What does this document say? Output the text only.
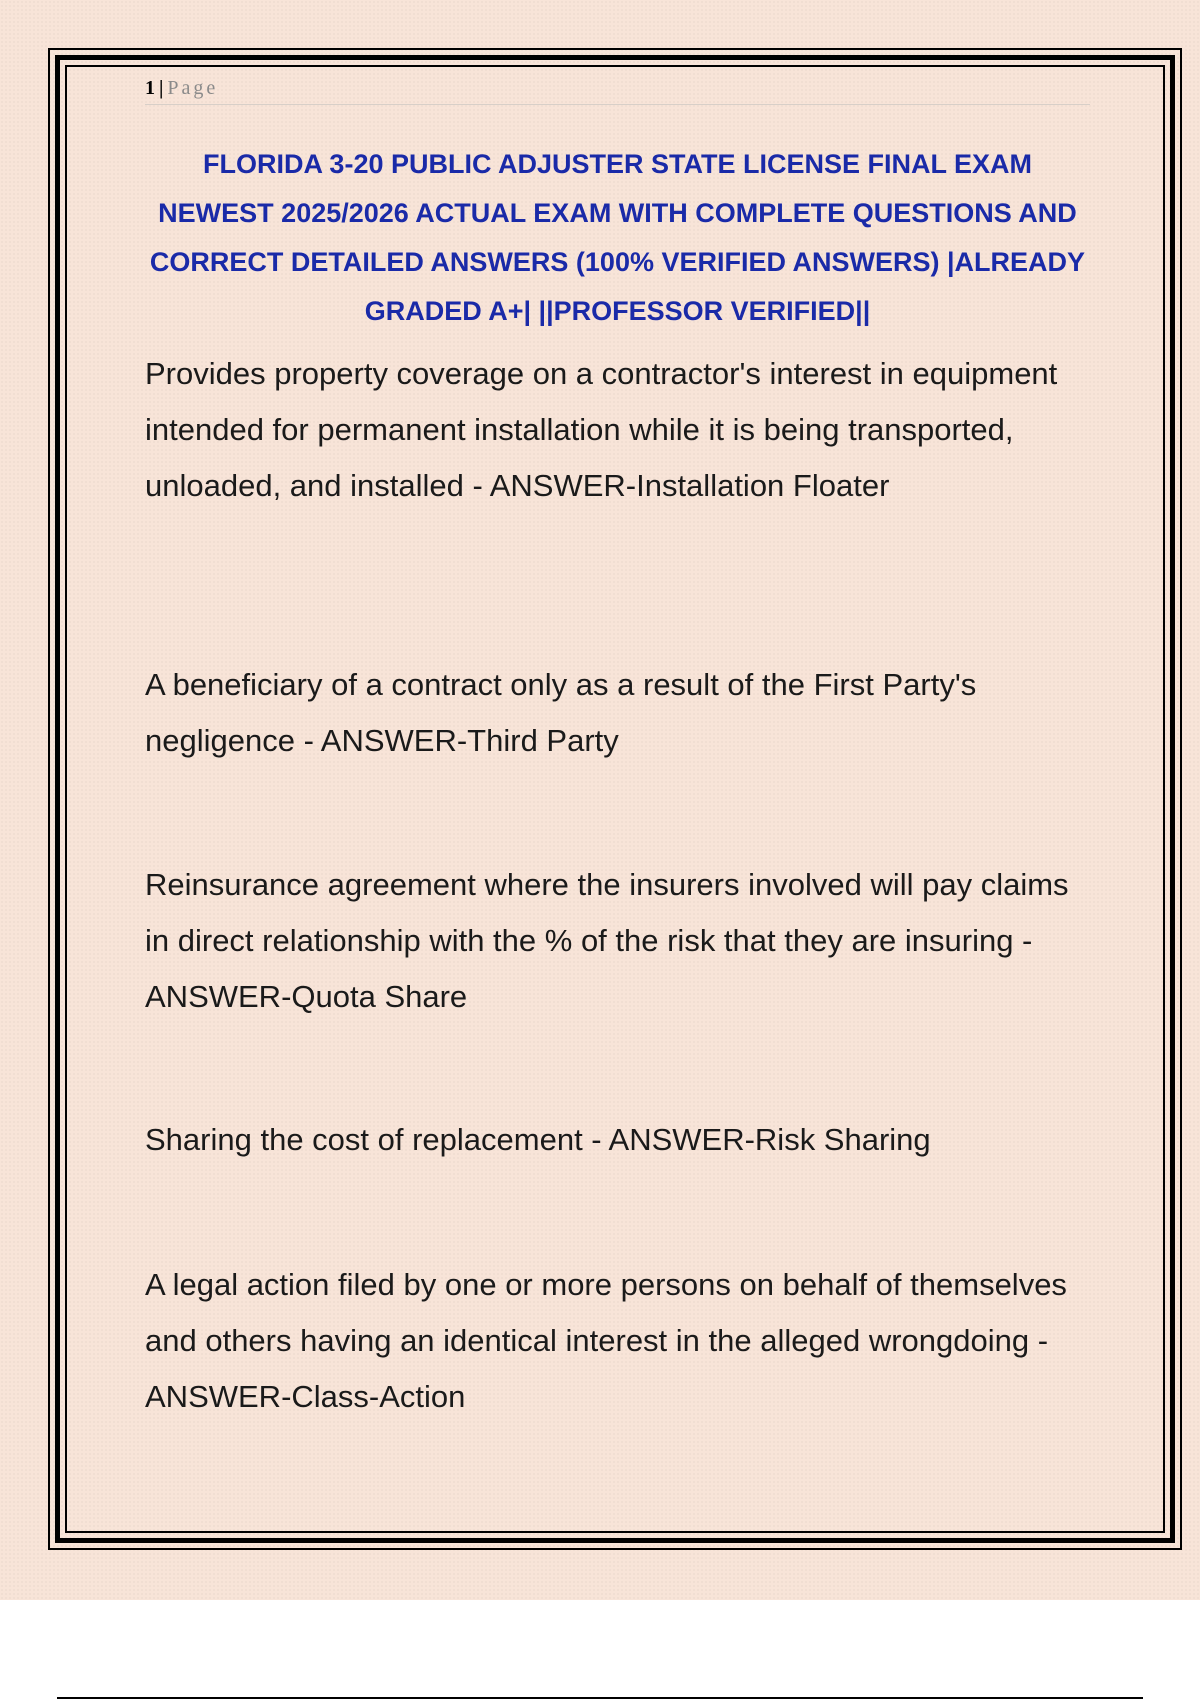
1 | Page
FLORIDA 3-20 PUBLIC ADJUSTER STATE LICENSE FINAL EXAM NEWEST 2025/2026 ACTUAL EXAM WITH COMPLETE QUESTIONS AND CORRECT DETAILED ANSWERS (100% VERIFIED ANSWERS) |ALREADY GRADED A+| ||PROFESSOR VERIFIED||
Provides property coverage on a contractor's interest in equipment intended for permanent installation while it is being transported, unloaded, and installed - ANSWER-Installation Floater
A beneficiary of a contract only as a result of the First Party's negligence - ANSWER-Third Party
Reinsurance agreement where the insurers involved will pay claims in direct relationship with the % of the risk that they are insuring - ANSWER-Quota Share
Sharing the cost of replacement - ANSWER-Risk Sharing
A legal action filed by one or more persons on behalf of themselves and others having an identical interest in the alleged wrongdoing - ANSWER-Class-Action
